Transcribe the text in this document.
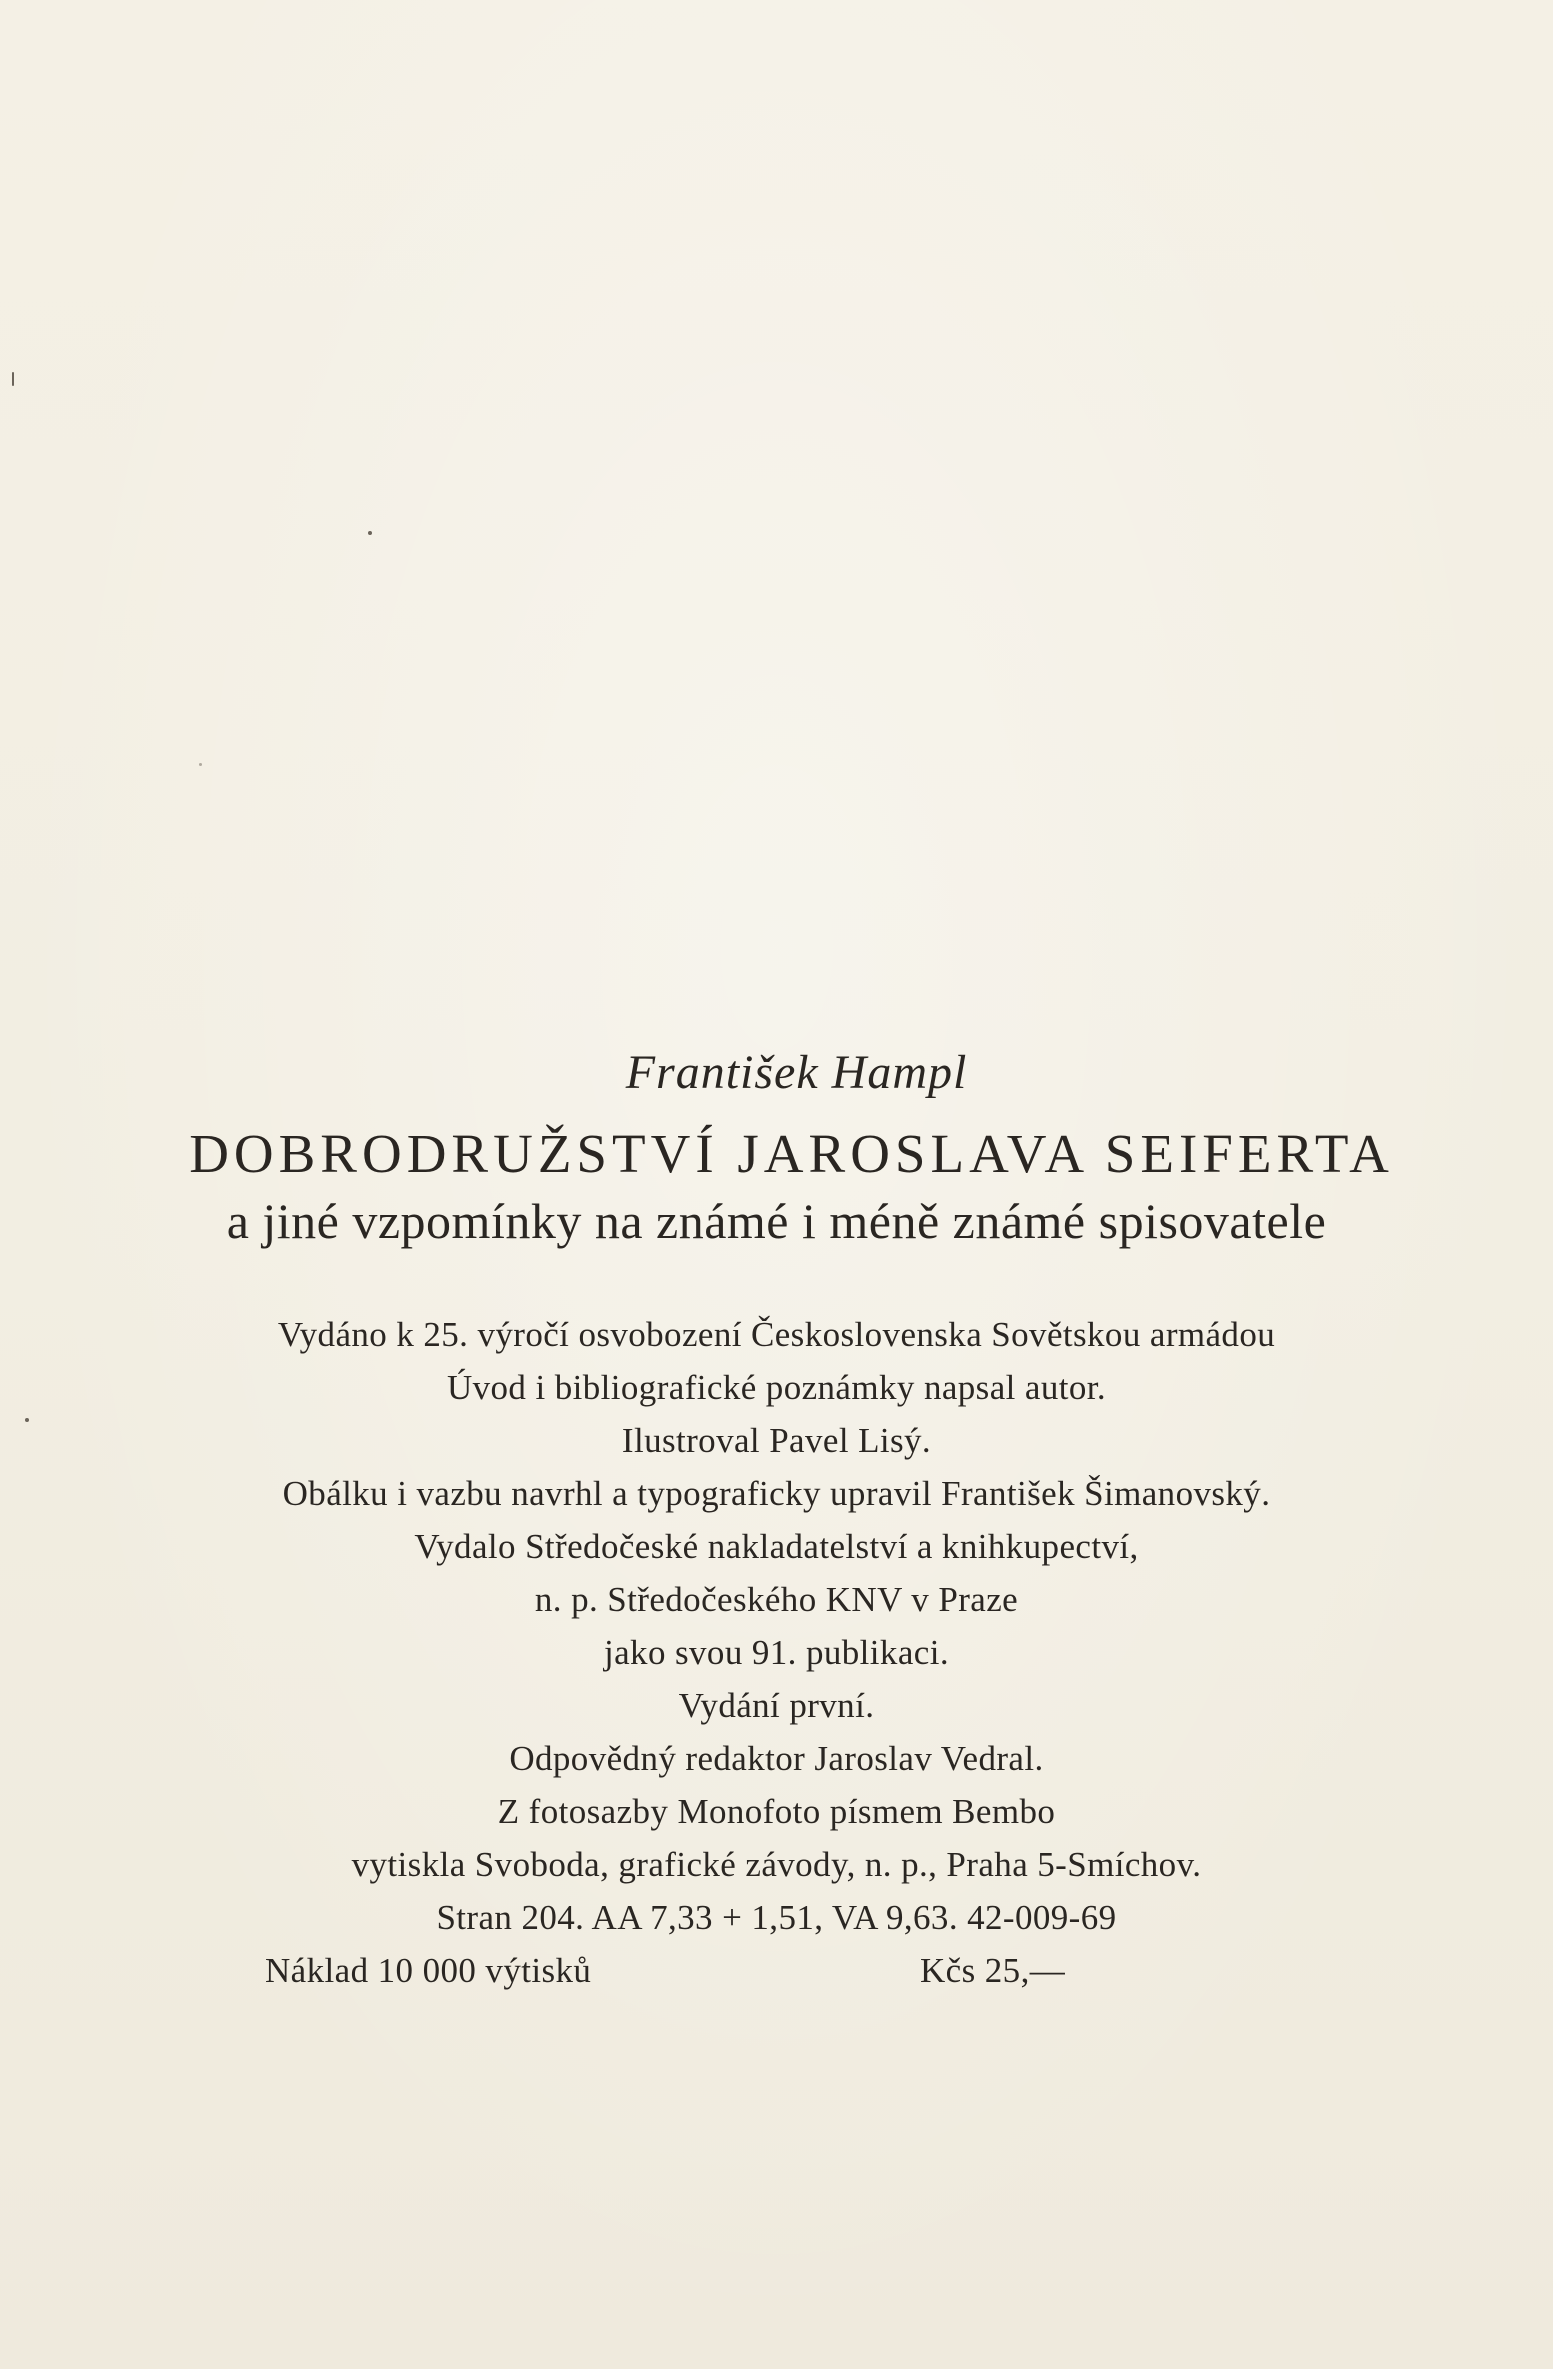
František Hampl
DOBRODRUŽSTVÍ JAROSLAVA SEIFERTA
a jiné vzpomínky na známé i méně známé spisovatele
Vydáno k 25. výročí osvobození Československa Sovětskou armádou
Úvod i bibliografické poznámky napsal autor.
Ilustroval Pavel Lisý.
Obálku i vazbu navrhl a typograficky upravil František Šimanovský.
Vydalo Středočeské nakladatelství a knihkupectví,
n. p. Středočeského KNV v Praze
jako svou 91. publikaci.
Vydání první.
Odpovědný redaktor Jaroslav Vedral.
Z fotosazby Monofoto písmem Bembo
vytiskla Svoboda, grafické závody, n. p., Praha 5-Smíchov.
Stran 204. AA 7,33 + 1,51, VA 9,63. 42-009-69
Náklad 10 000 výtisků	Kčs 25,—
